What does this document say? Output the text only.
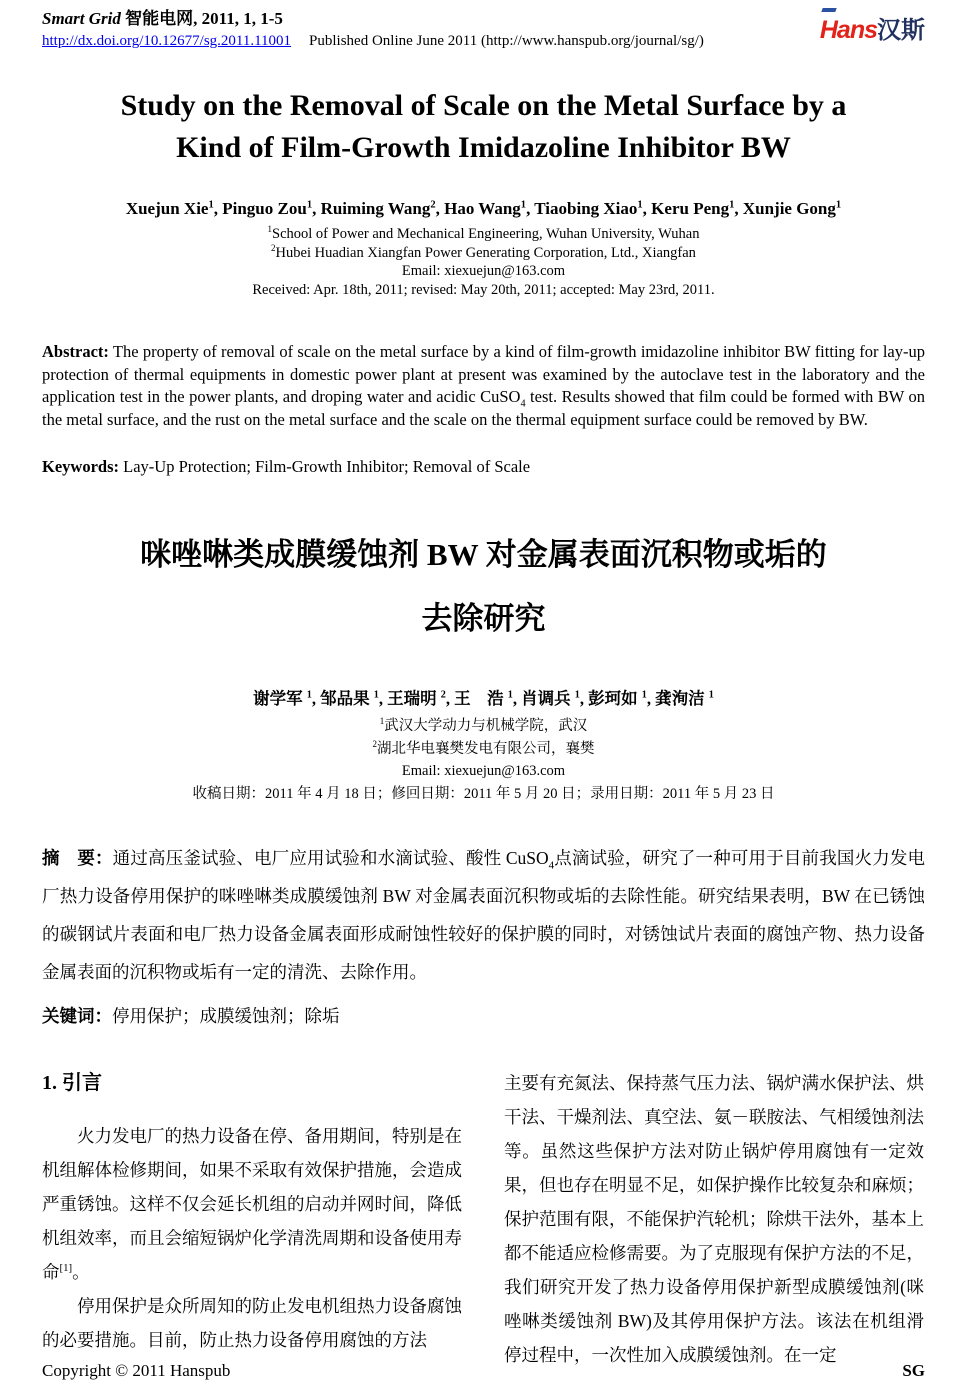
Smart Grid 智能电网, 2011, 1, 1-5
http://dx.doi.org/10.12677/sg.2011.11001 Published Online June 2011 (http://www.hanspub.org/journal/sg/)	Hans汉斯
Study on the Removal of Scale on the Metal Surface by a
Kind of Film-Growth Imidazoline Inhibitor BW

Xuejun Xie$^1$, Pinguo Zou$^1$, Ruiming Wang$^2$, Hao Wang$^1$, Tiaobing Xiao$^1$, Keru Peng$^1$, Xunjie Gong$^1$

$^1$School of Power and Mechanical Engineering, Wuhan University, Wuhan
$^2$Hubei Huadian Xiangfan Power Generating Corporation, Ltd., Xiangfan
Email: xiexuejun@163.com
Received: Apr. 18th, 2011; revised: May 20th, 2011; accepted: May 23rd, 2011.

Abstract: The property of removal of scale on the metal surface by a kind of film-growth imidazoline inhibitor BW fitting for lay-up protection of thermal equipments in domestic power plant at present was examined by the autoclave test in the laboratory and the application test in the power plants, and droping water and acidic CuSO$_4$ test. Results showed that film could be formed with BW on the metal surface, and the rust on the metal surface and the scale on the thermal equipment surface could be removed by BW.

Keywords: Lay-Up Protection; Film-Growth Inhibitor; Removal of Scale

咪唑啉类成膜缓蚀剂 BW 对金属表面沉积物或垢的
去除研究

谢学军 $^1$, 邹品果 $^1$, 王瑞明 $^2$, 王　浩 $^1$, 肖调兵 $^1$, 彭珂如 $^1$, 龚洵洁 $^1$

$^1$武汉大学动力与机械学院，武汉
$^2$湖北华电襄樊发电有限公司，襄樊
Email: xiexuejun@163.com
收稿日期：2011 年 4 月 18 日；修回日期：2011 年 5 月 20 日；录用日期：2011 年 5 月 23 日

摘　要：通过高压釜试验、电厂应用试验和水滴试验、酸性 CuSO$_4$点滴试验，研究了一种可用于目前我国火力发电厂热力设备停用保护的咪唑啉类成膜缓蚀剂 BW 对金属表面沉积物或垢的去除性能。研究结果表明，BW 在已锈蚀的碳钢试片表面和电厂热力设备金属表面形成耐蚀性较好的保护膜的同时，对锈蚀试片表面的腐蚀产物、热力设备金属表面的沉积物或垢有一定的清洗、去除作用。

关键词：停用保护；成膜缓蚀剂；除垢

1. 引言

火力发电厂的热力设备在停、备用期间，特别是在机组解体检修期间，如果不采取有效保护措施，会造成严重锈蚀。这样不仅会延长机组的启动并网时间，降低机组效率，而且会缩短锅炉化学清洗周期和设备使用寿命[1]。

停用保护是众所周知的防止发电机组热力设备腐蚀的必要措施。目前，防止热力设备停用腐蚀的方法

主要有充氮法、保持蒸气压力法、锅炉满水保护法、烘干法、干燥剂法、真空法、氨－联胺法、气相缓蚀剂法等。虽然这些保护方法对防止锅炉停用腐蚀有一定效果，但也存在明显不足，如保护操作比较复杂和麻烦；保护范围有限，不能保护汽轮机；除烘干法外，基本上都不能适应检修需要。为了克服现有保护方法的不足，我们研究开发了热力设备停用保护新型成膜缓蚀剂(咪唑啉类缓蚀剂 BW)及其停用保护方法。该法在机组滑停过程中，一次性加入成膜缓蚀剂。在一定

Copyright © 2011 Hanspub	SG
